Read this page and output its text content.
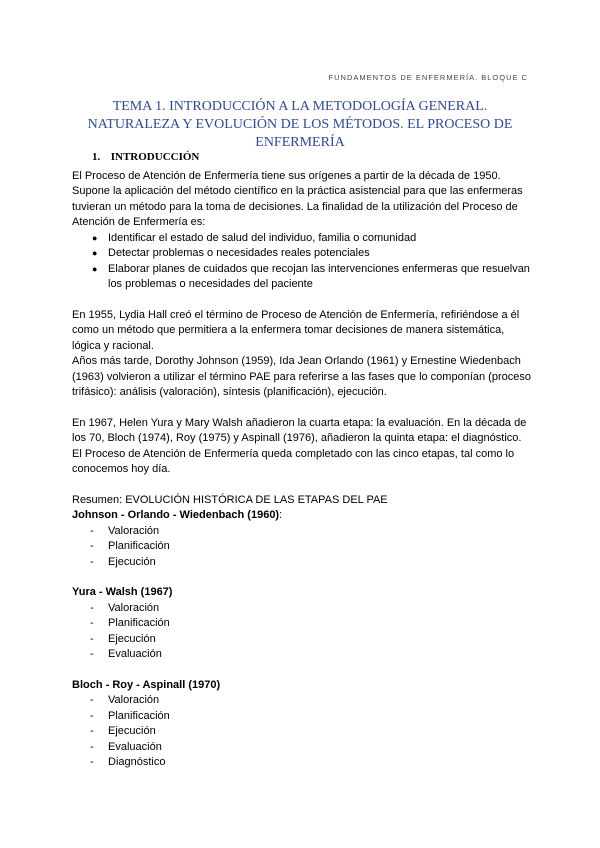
FUNDAMENTOS DE ENFERMERÍA. BLOQUE C
TEMA 1. INTRODUCCIÓN A LA METODOLOGÍA GENERAL. NATURALEZA Y EVOLUCIÓN DE LOS MÉTODOS. EL PROCESO DE ENFERMERÍA
1. INTRODUCCIÓN

El Proceso de Atención de Enfermería tiene sus orígenes a partir de la década de 1950. Supone la aplicación del método científico en la práctica asistencial para que las enfermeras tuvieran un método para la toma de decisiones. La finalidad de la utilización del Proceso de Atención de Enfermería es:

● Identificar el estado de salud del individuo, familia o comunidad
● Detectar problemas o necesidades reales potenciales
● Elaborar planes de cuidados que recojan las intervenciones enfermeras que resuelvan los problemas o necesidades del paciente

En 1955, Lydia Hall creó el término de Proceso de Atención de Enfermería, refiriéndose a él como un método que permitiera a la enfermera tomar decisiones de manera sistemática, lógica y racional.

Años más tarde, Dorothy Johnson (1959), Ida Jean Orlando (1961) y Ernestine Wiedenbach (1963) volvieron a utilizar el término PAE para referirse a las fases que lo componían (proceso trifásico): análisis (valoración), síntesis (planificación), ejecución.

En 1967, Helen Yura y Mary Walsh añadieron la cuarta etapa: la evaluación. En la década de los 70, Bloch (1974), Roy (1975) y Aspinall (1976), añadieron la quinta etapa: el diagnóstico. El Proceso de Atención de Enfermería queda completado con las cinco etapas, tal como lo conocemos hoy día.

Resumen: EVOLUCIÓN HISTÓRICA DE LAS ETAPAS DEL PAE

Johnson - Orlando - Wiedenbach (1960):

- Valoración
- Planificación
- Ejecución

Yura - Walsh (1967)

- Valoración
- Planificación
- Ejecución
- Evaluación

Bloch - Roy - Aspinall (1970)

- Valoración
- Planificación
- Ejecución
- Evaluación
- Diagnóstico
